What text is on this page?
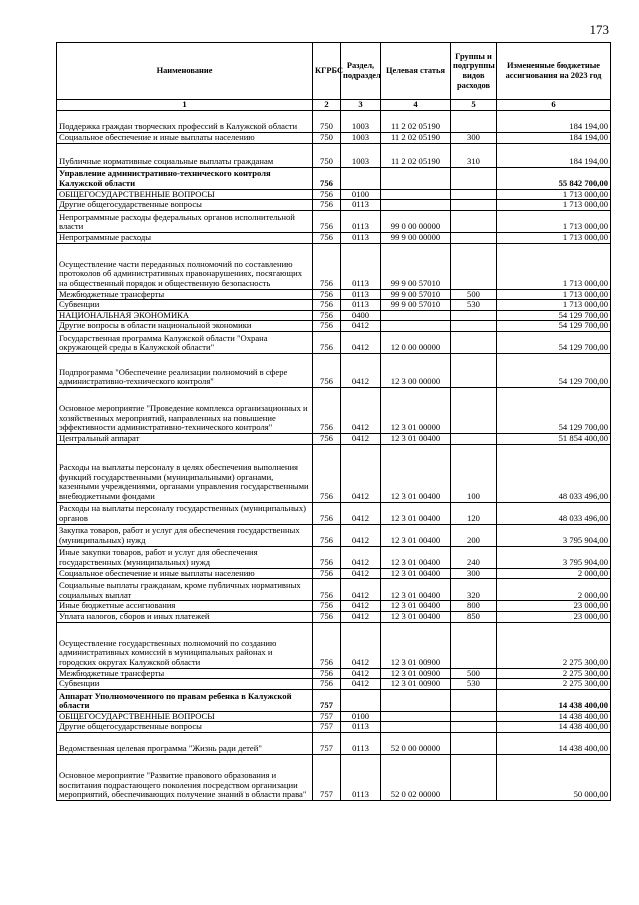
173
Наименование	КГРБС	Раздел, подраздел	Целевая статья	Группы и подгруппы видов расходов	Измененные бюджетные ассигнования на 2023 год
1	2	3	4	5	6
Поддержка граждан творческих профессий в Калужской области	750	1003	11 2 02 05190		184 194,00
Социальное обеспечение и иные выплаты населению	750	1003	11 2 02 05190	300	184 194,00
Публичные нормативные социальные выплаты гражданам	750	1003	11 2 02 05190	310	184 194,00
Управление административно-технического контроля Калужской области	756				55 842 700,00
ОБЩЕГОСУДАРСТВЕННЫЕ ВОПРОСЫ	756	0100			1 713 000,00
Другие общегосударственные вопросы	756	0113			1 713 000,00
Непрограммные расходы федеральных органов исполнительной власти	756	0113	99 0 00 00000		1 713 000,00
Непрограммные расходы	756	0113	99 9 00 00000		1 713 000,00
Осуществление части переданных полномочий по составлению протоколов об административных правонарушениях, посягающих на общественный порядок и общественную безопасность	756	0113	99 9 00 57010		1 713 000,00
Межбюджетные трансферты	756	0113	99 9 00 57010	500	1 713 000,00
Субвенции	756	0113	99 9 00 57010	530	1 713 000,00
НАЦИОНАЛЬНАЯ ЭКОНОМИКА	756	0400			54 129 700,00
Другие вопросы в области национальной экономики	756	0412			54 129 700,00
Государственная программа Калужской области "Охрана окружающей среды в Калужской области"	756	0412	12 0 00 00000		54 129 700,00
Подпрограмма "Обеспечение реализации полномочий в сфере административно-технического контроля"	756	0412	12 3 00 00000		54 129 700,00
Основное мероприятие "Проведение комплекса организационных и хозяйственных мероприятий, направленных на повышение эффективности административно-технического контроля"	756	0412	12 3 01 00000		54 129 700,00
Центральный аппарат	756	0412	12 3 01 00400		51 854 400,00
Расходы на выплаты персоналу в целях обеспечения выполнения функций государственными (муниципальными) органами, казенными учреждениями, органами управления государственными внебюджетными фондами	756	0412	12 3 01 00400	100	48 033 496,00
Расходы на выплаты персоналу государственных (муниципальных) органов	756	0412	12 3 01 00400	120	48 033 496,00
Закупка товаров, работ и услуг для обеспечения государственных (муниципальных) нужд	756	0412	12 3 01 00400	200	3 795 904,00
Иные закупки товаров, работ и услуг для обеспечения государственных (муниципальных) нужд	756	0412	12 3 01 00400	240	3 795 904,00
Социальное обеспечение и иные выплаты населению	756	0412	12 3 01 00400	300	2 000,00
Социальные выплаты гражданам, кроме публичных нормативных социальных выплат	756	0412	12 3 01 00400	320	2 000,00
Иные бюджетные ассигнования	756	0412	12 3 01 00400	800	23 000,00
Уплата налогов, сборов и иных платежей	756	0412	12 3 01 00400	850	23 000,00
Осуществление государственных полномочий по созданию административных комиссий в муниципальных районах и городских округах Калужской области	756	0412	12 3 01 00900		2 275 300,00
Межбюджетные трансферты	756	0412	12 3 01 00900	500	2 275 300,00
Субвенции	756	0412	12 3 01 00900	530	2 275 300,00
Аппарат Уполномоченного по правам ребенка в Калужской области	757				14 438 400,00
ОБЩЕГОСУДАРСТВЕННЫЕ ВОПРОСЫ	757	0100			14 438 400,00
Другие общегосударственные вопросы	757	0113			14 438 400,00
Ведомственная целевая программа "Жизнь ради детей"	757	0113	52 0 00 00000		14 438 400,00
Основное мероприятие "Развитие правового образования и воспитания подрастающего поколения посредством организации мероприятий, обеспечивающих получение знаний в области права"	757	0113	52 0 02 00000		50 000,00
